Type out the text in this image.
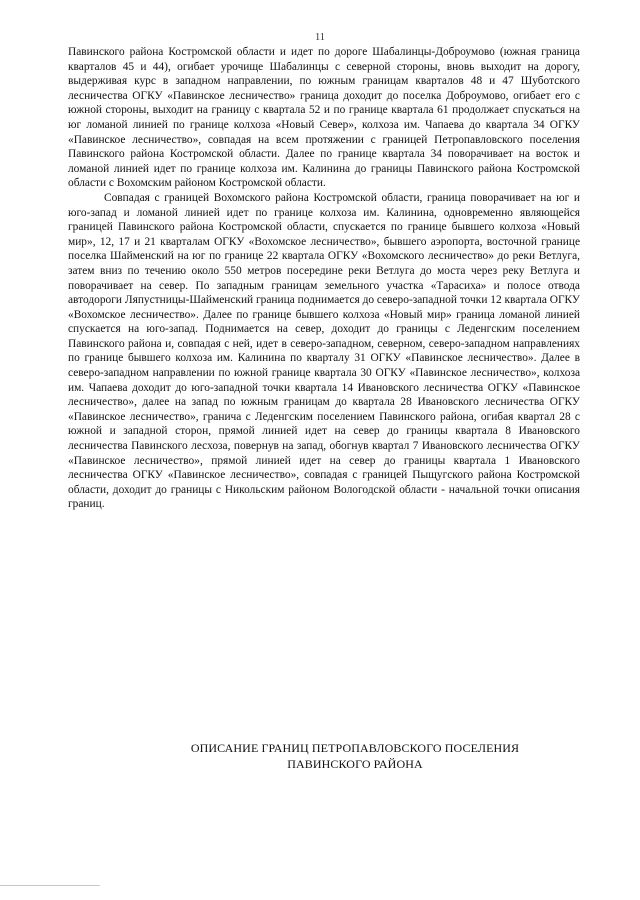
11

Павинского района Костромской области и идет по дороге Шабалинцы-Доброумово (южная граница кварталов 45 и 44), огибает урочище Шабалинцы с северной стороны, вновь выходит на дорогу, выдерживая курс в западном направлении, по южным границам кварталов 48 и 47 Шуботского лесничества ОГКУ «Павинское лесничество» граница доходит до поселка Доброумово, огибает его с южной стороны, выходит на границу с квартала 52 и по границе квартала 61 продолжает спускаться на юг ломаной линией по границе колхоза «Новый Север», колхоза им. Чапаева до квартала 34 ОГКУ «Павинское лесничество», совпадая на всем протяжении с границей Петропавловского поселения Павинского района Костромской области. Далее по границе квартала 34 поворачивает на восток и ломаной линией идет по границе колхоза им. Калинина до границы Павинского района Костромской области с Вохомским районом Костромской области.

Совпадая с границей Вохомского района Костромской области, граница поворачивает на юг и юго-запад и ломаной линией идет по границе колхоза им. Калинина, одновременно являющейся границей Павинского района Костромской области, спускается по границе бывшего колхоза «Новый мир», 12, 17 и 21 кварталам ОГКУ «Вохомское лесничество», бывшего аэропорта, восточной границе поселка Шайменский на юг по границе 22 квартала ОГКУ «Вохомского лесничество» до реки Ветлуга, затем вниз по течению около 550 метров посередине реки Ветлуга до моста через реку Ветлуга и поворачивает на север. По западным границам земельного участка «Тарасиха» и полосе отвода автодороги Ляпустницы-Шайменский граница поднимается до северо-западной точки 12 квартала ОГКУ «Вохомское лесничество». Далее по границе бывшего колхоза «Новый мир» граница ломаной линией спускается на юго-запад. Поднимается на север, доходит до границы с Леденгским поселением Павинского района и, совпадая с ней, идет в северо-западном, северном, северо-западном направлениях по границе бывшего колхоза им. Калинина по кварталу 31 ОГКУ «Павинское лесничество». Далее в северо-западном направлении по южной границе квартала 30 ОГКУ «Павинское лесничество», колхоза им. Чапаева доходит до юго-западной точки квартала 14 Ивановского лесничества ОГКУ «Павинское лесничество», далее на запад по южным границам до квартала 28 Ивановского лесничества ОГКУ «Павинское лесничество», гранича с Леденгским поселением Павинского района, огибая квартал 28 с южной и западной сторон, прямой линией идет на север до границы квартала 8 Ивановского лесничества Павинского лесхоза, повернув на запад, обогнув квартал 7 Ивановского лесничества ОГКУ «Павинское лесничество», прямой линией идет на север до границы квартала 1 Ивановского лесничества ОГКУ «Павинское лесничество», совпадая с границей Пыщугского района Костромской области, доходит до границы с Никольским районом Вологодской области - начальной точки описания границ.

ОПИСАНИЕ ГРАНИЦ ПЕТРОПАВЛОВСКОГО ПОСЕЛЕНИЯ
ПАВИНСКОГО РАЙОНА
